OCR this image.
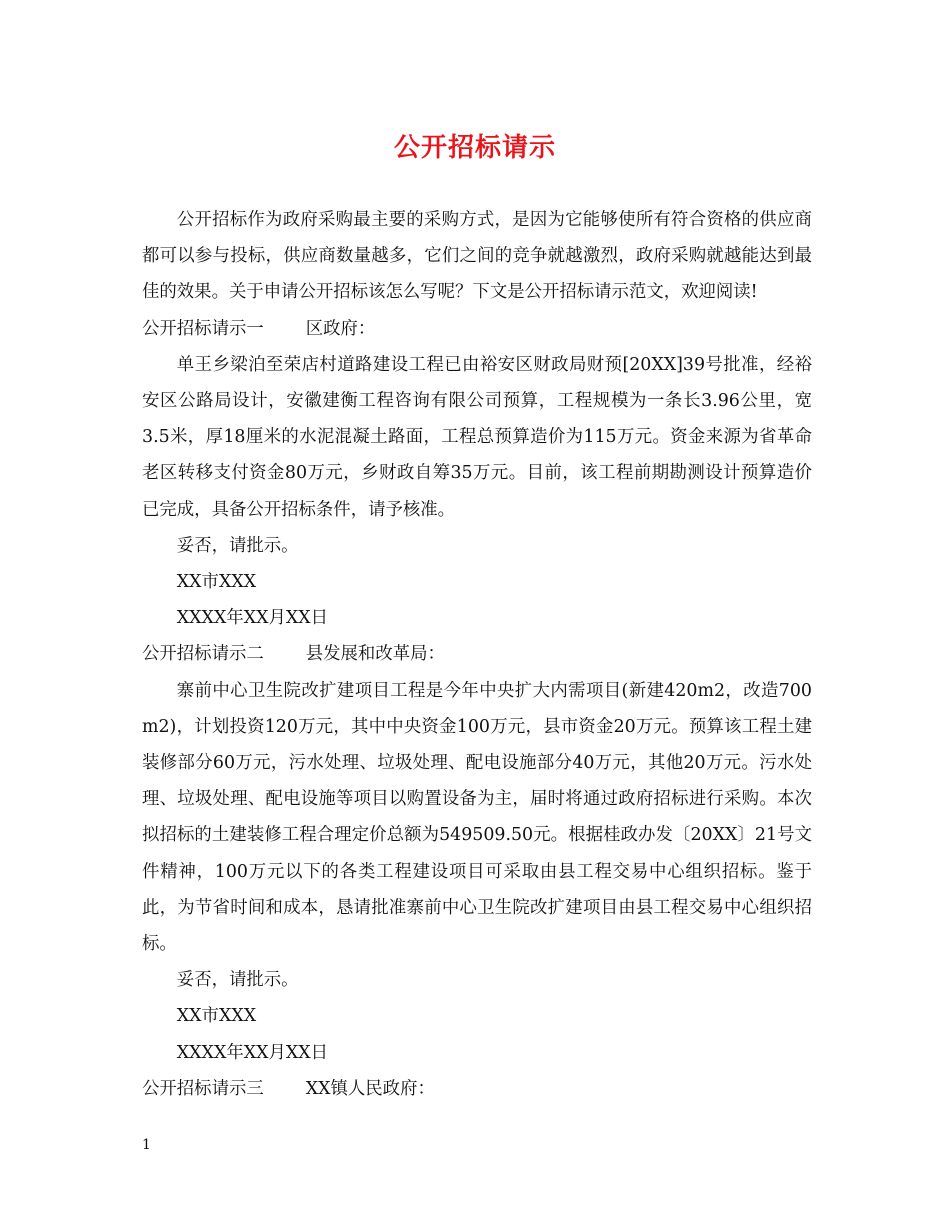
公开招标请示

公开招标作为政府采购最主要的采购方式，是因为它能够使所有符合资格的供应商都可以参与投标，供应商数量越多，它们之间的竞争就越激烈，政府采购就越能达到最佳的效果。关于申请公开招标该怎么写呢？下文是公开招标请示范文，欢迎阅读!

公开招标请示一 区政府：

单王乡梁泊至荣店村道路建设工程已由裕安区财政局财预[20XX]39号批准，经裕安区公路局设计，安徽建衡工程咨询有限公司预算，工程规模为一条长3.96公里，宽3.5米，厚18厘米的水泥混凝土路面，工程总预算造价为115万元。资金来源为省革命老区转移支付资金80万元，乡财政自筹35万元。目前，该工程前期勘测设计预算造价已完成，具备公开招标条件，请予核准。

妥否，请批示。

XX市XXX

XXXX年XX月XX日

公开招标请示二 县发展和改革局：

寨前中心卫生院改扩建项目工程是今年中央扩大内需项目(新建420m2，改造700 m2)，计划投资120万元，其中中央资金100万元，县市资金20万元。预算该工程土建装修部分60万元，污水处理、垃圾处理、配电设施部分40万元，其他20万元。污水处理、垃圾处理、配电设施等项目以购置设备为主，届时将通过政府招标进行采购。本次拟招标的土建装修工程合理定价总额为549509.50元。根据桂政办发〔20XX〕21号文件精神，100万元以下的各类工程建设项目可采取由县工程交易中心组织招标。鉴于此，为节省时间和成本，恳请批准寨前中心卫生院改扩建项目由县工程交易中心组织招标。

妥否，请批示。

XX市XXX

XXXX年XX月XX日

公开招标请示三 XX镇人民政府：

1
